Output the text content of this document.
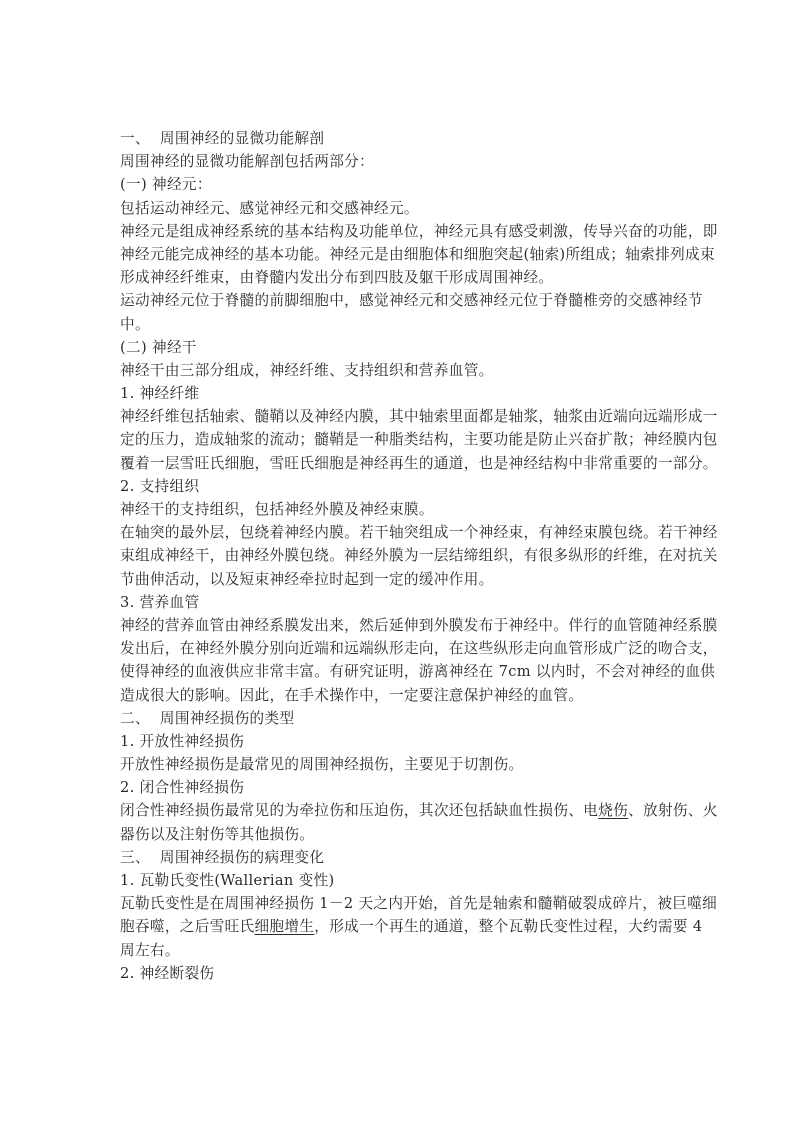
一、 周围神经的显微功能解剖
周围神经的显微功能解剖包括两部分：
(一) 神经元：
包括运动神经元、感觉神经元和交感神经元。
神经元是组成神经系统的基本结构及功能单位，神经元具有感受刺激，传导兴奋的功能，即
神经元能完成神经的基本功能。神经元是由细胞体和细胞突起(轴索)所组成；轴索排列成束
形成神经纤维束，由脊髓内发出分布到四肢及躯干形成周围神经。
运动神经元位于脊髓的前脚细胞中，感觉神经元和交感神经元位于脊髓椎旁的交感神经节
中。
(二) 神经干
神经干由三部分组成，神经纤维、支持组织和营养血管。
1. 神经纤维
神经纤维包括轴索、髓鞘以及神经内膜，其中轴索里面都是轴浆，轴浆由近端向远端形成一
定的压力，造成轴浆的流动；髓鞘是一种脂类结构，主要功能是防止兴奋扩散；神经膜内包
覆着一层雪旺氏细胞，雪旺氏细胞是神经再生的通道，也是神经结构中非常重要的一部分。
2. 支持组织
神经干的支持组织，包括神经外膜及神经束膜。
在轴突的最外层，包绕着神经内膜。若干轴突组成一个神经束，有神经束膜包绕。若干神经
束组成神经干，由神经外膜包绕。神经外膜为一层结缔组织，有很多纵形的纤维，在对抗关
节曲伸活动，以及短束神经牵拉时起到一定的缓冲作用。
3. 营养血管
神经的营养血管由神经系膜发出来，然后延伸到外膜发布于神经中。伴行的血管随神经系膜
发出后，在神经外膜分别向近端和远端纵形走向，在这些纵形走向血管形成广泛的吻合支，
使得神经的血液供应非常丰富。有研究证明，游离神经在 7cm 以内时，不会对神经的血供
造成很大的影响。因此，在手术操作中，一定要注意保护神经的血管。
二、 周围神经损伤的类型
1. 开放性神经损伤
开放性神经损伤是最常见的周围神经损伤，主要见于切割伤。
2. 闭合性神经损伤
闭合性神经损伤最常见的为牵拉伤和压迫伤，其次还包括缺血性损伤、电烧伤、放射伤、火
器伤以及注射伤等其他损伤。
三、 周围神经损伤的病理变化
1. 瓦勒氏变性(Wallerian 变性)
瓦勒氏变性是在周围神经损伤 1－2 天之内开始，首先是轴索和髓鞘破裂成碎片，被巨噬细
胞吞噬，之后雪旺氏细胞增生，形成一个再生的通道，整个瓦勒氏变性过程，大约需要 4
周左右。
2. 神经断裂伤
